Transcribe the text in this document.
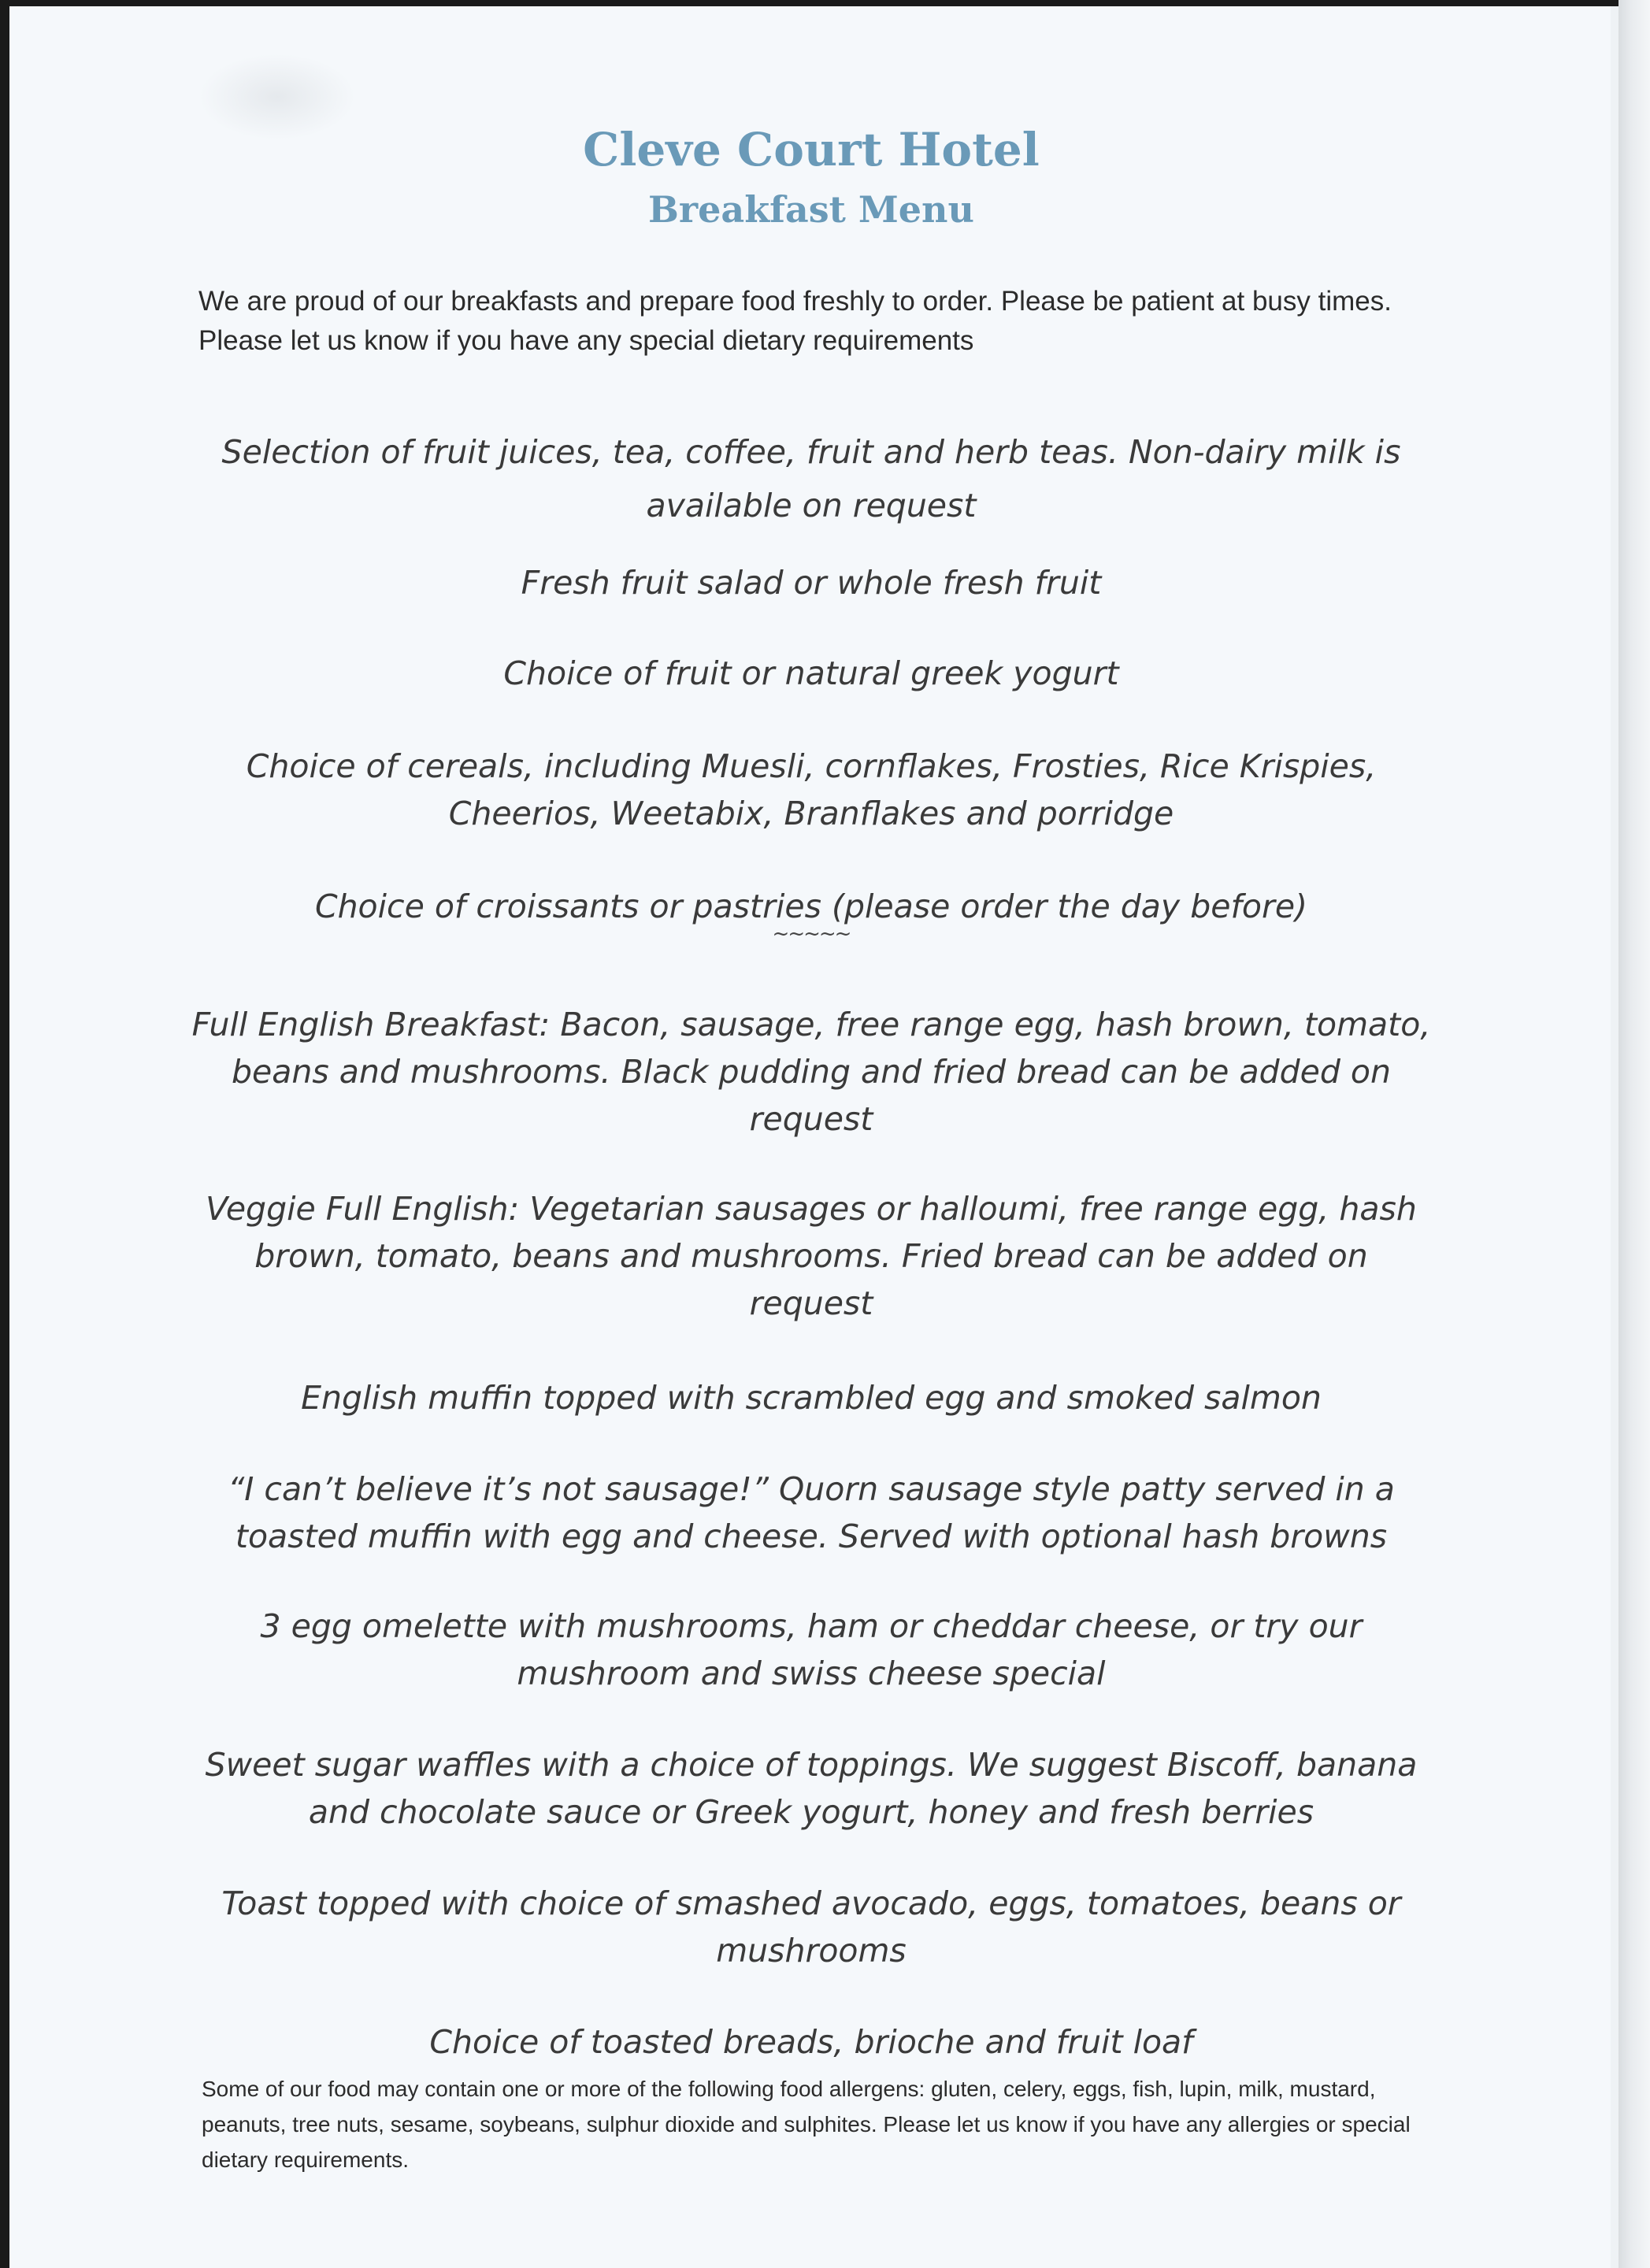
Cleve Court Hotel
Breakfast Menu
We are proud of our breakfasts and prepare food freshly to order. Please be patient at busy times. Please let us know if you have any special dietary requirements

Selection of fruit juices, tea, coffee, fruit and herb teas. Non-dairy milk is available on request

Fresh fruit salad or whole fresh fruit

Choice of fruit or natural greek yogurt

Choice of cereals, including Muesli, cornflakes, Frosties, Rice Krispies, Cheerios, Weetabix, Branflakes and porridge

Choice of croissants or pastries (please order the day before)

~~~~~

Full English Breakfast: Bacon, sausage, free range egg, hash brown, tomato, beans and mushrooms. Black pudding and fried bread can be added on request

Veggie Full English: Vegetarian sausages or halloumi, free range egg, hash brown, tomato, beans and mushrooms. Fried bread can be added on request

English muffin topped with scrambled egg and smoked salmon

“I can’t believe it’s not sausage!” Quorn sausage style patty served in a toasted muffin with egg and cheese. Served with optional hash browns

3 egg omelette with mushrooms, ham or cheddar cheese, or try our mushroom and swiss cheese special

Sweet sugar waffles with a choice of toppings. We suggest Biscoff, banana and chocolate sauce or Greek yogurt, honey and fresh berries

Toast topped with choice of smashed avocado, eggs, tomatoes, beans or mushrooms

Choice of toasted breads, brioche and fruit loaf

Some of our food may contain one or more of the following food allergens: gluten, celery, eggs, fish, lupin, milk, mustard, peanuts, tree nuts, sesame, soybeans, sulphur dioxide and sulphites. Please let us know if you have any allergies or special dietary requirements.
